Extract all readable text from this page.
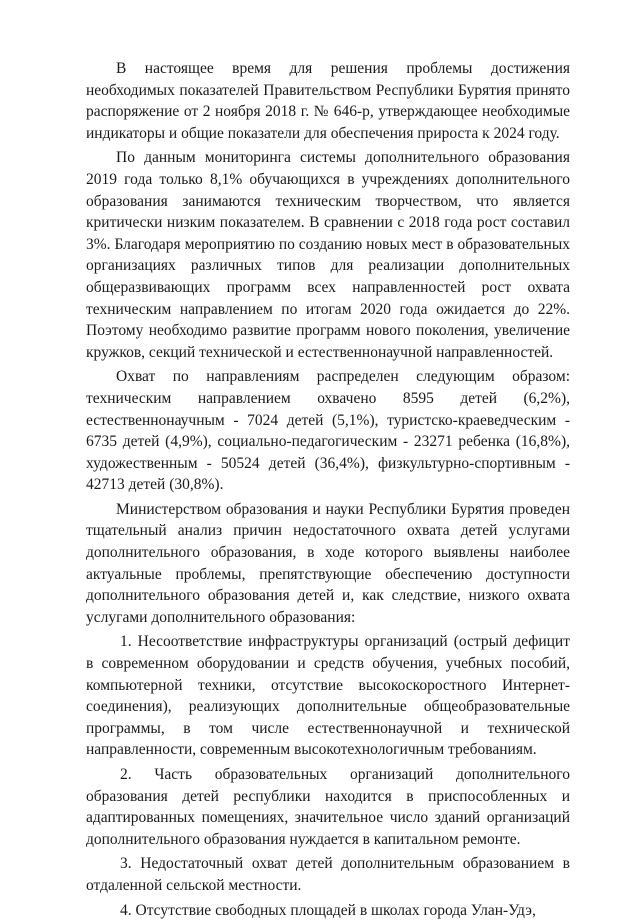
В настоящее время для решения проблемы достижения необходимых показателей Правительством Республики Бурятия принято распоряжение от 2 ноября 2018 г. № 646-р, утверждающее необходимые индикаторы и общие показатели для обеспечения прироста к 2024 году.

По данным мониторинга системы дополнительного образования 2019 года только 8,1% обучающихся в учреждениях дополнительного образования занимаются техническим творчеством, что является критически низким показателем. В сравнении с 2018 года рост составил 3%. Благодаря мероприятию по созданию новых мест в образовательных организациях различных типов для реализации дополнительных общеразвивающих программ всех направленностей рост охвата техническим направлением по итогам 2020 года ожидается до 22%. Поэтому необходимо развитие программ нового поколения, увеличение кружков, секций технической и естественнонаучной направленностей.

Охват по направлениям распределен следующим образом: техническим направлением охвачено 8595 детей (6,2%), естественнонаучным - 7024 детей (5,1%), туристско-краеведческим - 6735 детей (4,9%), социально-педагогическим - 23271 ребенка (16,8%), художественным - 50524 детей (36,4%), физкультурно-спортивным - 42713 детей (30,8%).

Министерством образования и науки Республики Бурятия проведен тщательный анализ причин недостаточного охвата детей услугами дополнительного образования, в ходе которого выявлены наиболее актуальные проблемы, препятствующие обеспечению доступности дополнительного образования детей и, как следствие, низкого охвата услугами дополнительного образования:

1. Несоответствие инфраструктуры организаций (острый дефицит в современном оборудовании и средств обучения, учебных пособий, компьютерной техники, отсутствие высокоскоростного Интернет-соединения), реализующих дополнительные общеобразовательные программы, в том числе естественнонаучной и технической направленности, современным высокотехнологичным требованиям.

2. Часть образовательных организаций дополнительного образования детей республики находится в приспособленных и адаптированных помещениях, значительное число зданий организаций дополнительного образования нуждается в капитальном ремонте.

3. Недостаточный охват детей дополнительным образованием в отдаленной сельской местности.

4. Отсутствие свободных площадей в школах города Улан-Удэ,
